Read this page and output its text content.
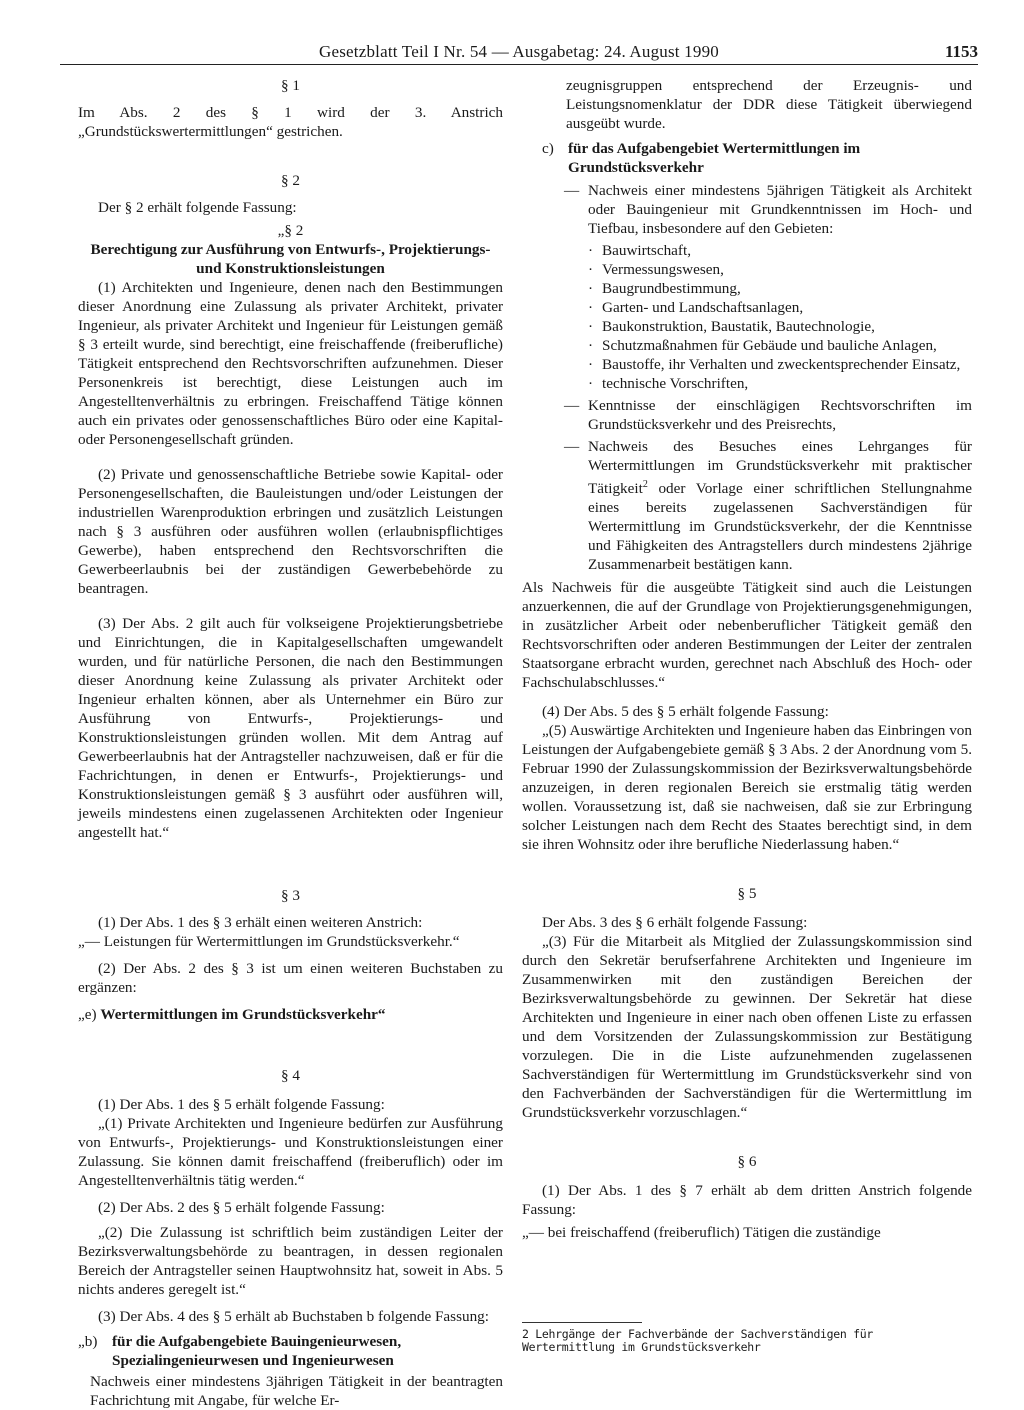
Gesetzblatt Teil I Nr. 54 — Ausgabetag: 24. August 1990	1153

§ 1

Im Abs. 2 des § 1 wird der 3. Anstrich „Grundstückswertermittlungen“ gestrichen.

§ 2

Der § 2 erhält folgende Fassung:

„§ 2

Berechtigung zur Ausführung von Entwurfs-, Projektierungs- und Konstruktionsleistungen

(1) Architekten und Ingenieure, denen nach den Bestimmungen dieser Anordnung eine Zulassung als privater Architekt, privater Ingenieur, als privater Architekt und Ingenieur für Leistungen gemäß § 3 erteilt wurde, sind berechtigt, eine freischaffende (freiberufliche) Tätigkeit entsprechend den Rechtsvorschriften aufzunehmen. Dieser Personenkreis ist berechtigt, diese Leistungen auch im Angestelltenverhältnis zu erbringen. Freischaffend Tätige können auch ein privates oder genossenschaftliches Büro oder eine Kapital- oder Personengesellschaft gründen.

(2) Private und genossenschaftliche Betriebe sowie Kapital- oder Personengesellschaften, die Bauleistungen und/oder Leistungen der industriellen Warenproduktion erbringen und zusätzlich Leistungen nach § 3 ausführen oder ausführen wollen (erlaubnispflichtiges Gewerbe), haben entsprechend den Rechtsvorschriften die Gewerbeerlaubnis bei der zuständigen Gewerbebehörde zu beantragen.

(3) Der Abs. 2 gilt auch für volkseigene Projektierungsbetriebe und Einrichtungen, die in Kapitalgesellschaften umgewandelt wurden, und für natürliche Personen, die nach den Bestimmungen dieser Anordnung keine Zulassung als privater Architekt oder Ingenieur erhalten können, aber als Unternehmer ein Büro zur Ausführung von Entwurfs-, Projektierungs- und Konstruktionsleistungen gründen wollen. Mit dem Antrag auf Gewerbeerlaubnis hat der Antragsteller nachzuweisen, daß er für die Fachrichtungen, in denen er Entwurfs-, Projektierungs- und Konstruktionsleistungen gemäß § 3 ausführt oder ausführen will, jeweils mindestens einen zugelassenen Architekten oder Ingenieur angestellt hat.“

§ 3

(1) Der Abs. 1 des § 3 erhält einen weiteren Anstrich:

„— Leistungen für Wertermittlungen im Grundstücksverkehr.“

(2) Der Abs. 2 des § 3 ist um einen weiteren Buchstaben zu ergänzen:

„e) Wertermittlungen im Grundstücksverkehr“

§ 4

(1) Der Abs. 1 des § 5 erhält folgende Fassung:

„(1) Private Architekten und Ingenieure bedürfen zur Ausführung von Entwurfs-, Projektierungs- und Konstruktionsleistungen einer Zulassung. Sie können damit freischaffend (freiberuflich) oder im Angestelltenverhältnis tätig werden.“

(2) Der Abs. 2 des § 5 erhält folgende Fassung:

„(2) Die Zulassung ist schriftlich beim zuständigen Leiter der Bezirksverwaltungsbehörde zu beantragen, in dessen regionalen Bereich der Antragsteller seinen Hauptwohnsitz hat, soweit in Abs. 5 nichts anderes geregelt ist.“

(3) Der Abs. 4 des § 5 erhält ab Buchstaben b folgende Fassung:

„b) für die Aufgabengebiete Bauingenieurwesen, Spezialingenieurwesen und Ingenieurwesen

Nachweis einer mindestens 3jährigen Tätigkeit in der beantragten Fachrichtung mit Angabe, für welche Er-

zeugnisgruppen entsprechend der Erzeugnis- und Leistungsnomenklatur der DDR diese Tätigkeit überwiegend ausgeübt wurde.

c) für das Aufgabengebiet Wertermittlungen im Grundstücksverkehr
— Nachweis einer mindestens 5jährigen Tätigkeit als Architekt oder Bauingenieur mit Grundkenntnissen im Hoch- und Tiefbau, insbesondere auf den Gebieten:
· Bauwirtschaft,
· Vermessungswesen,
· Baugrundbestimmung,
· Garten- und Landschaftsanlagen,
· Baukonstruktion, Baustatik, Bautechnologie,
· Schutzmaßnahmen für Gebäude und bauliche Anlagen,
· Baustoffe, ihr Verhalten und zweckentsprechender Einsatz,
· technische Vorschriften,
— Kenntnisse der einschlägigen Rechtsvorschriften im Grundstücksverkehr und des Preisrechts,
— Nachweis des Besuches eines Lehrganges für Wertermittlungen im Grundstücksverkehr mit praktischer Tätigkeit$^2$ oder Vorlage einer schriftlichen Stellungnahme eines bereits zugelassenen Sachverständigen für Wertermittlung im Grundstücksverkehr, der die Kenntnisse und Fähigkeiten des Antragstellers durch mindestens 2jährige Zusammenarbeit bestätigen kann.

Als Nachweis für die ausgeübte Tätigkeit sind auch die Leistungen anzuerkennen, die auf der Grundlage von Projektierungsgenehmigungen, in zusätzlicher Arbeit oder nebenberuflicher Tätigkeit gemäß den Rechtsvorschriften oder anderen Bestimmungen der Leiter der zentralen Staatsorgane erbracht wurden, gerechnet nach Abschluß des Hoch- oder Fachschulabschlusses.“

(4) Der Abs. 5 des § 5 erhält folgende Fassung:

„(5) Auswärtige Architekten und Ingenieure haben das Einbringen von Leistungen der Aufgabengebiete gemäß § 3 Abs. 2 der Anordnung vom 5. Februar 1990 der Zulassungskommission der Bezirksverwaltungsbehörde anzuzeigen, in deren regionalen Bereich sie erstmalig tätig werden wollen. Voraussetzung ist, daß sie nachweisen, daß sie zur Erbringung solcher Leistungen nach dem Recht des Staates berechtigt sind, in dem sie ihren Wohnsitz oder ihre berufliche Niederlassung haben.“

§ 5

Der Abs. 3 des § 6 erhält folgende Fassung:

„(3) Für die Mitarbeit als Mitglied der Zulassungskommission sind durch den Sekretär berufserfahrene Architekten und Ingenieure im Zusammenwirken mit den zuständigen Bereichen der Bezirksverwaltungsbehörde zu gewinnen. Der Sekretär hat diese Architekten und Ingenieure in einer nach oben offenen Liste zu erfassen und dem Vorsitzenden der Zulassungskommission zur Bestätigung vorzulegen. Die in die Liste aufzunehmenden zugelassenen Sachverständigen für Wertermittlung im Grundstücksverkehr sind von den Fachverbänden der Sachverständigen für die Wertermittlung im Grundstücksverkehr vorzuschlagen.“

§ 6

(1) Der Abs. 1 des § 7 erhält ab dem dritten Anstrich folgende Fassung:

„— bei freischaffend (freiberuflich) Tätigen die zuständige

2 Lehrgänge der Fachverbände der Sachverständigen für Wertermittlung im Grundstücksverkehr
